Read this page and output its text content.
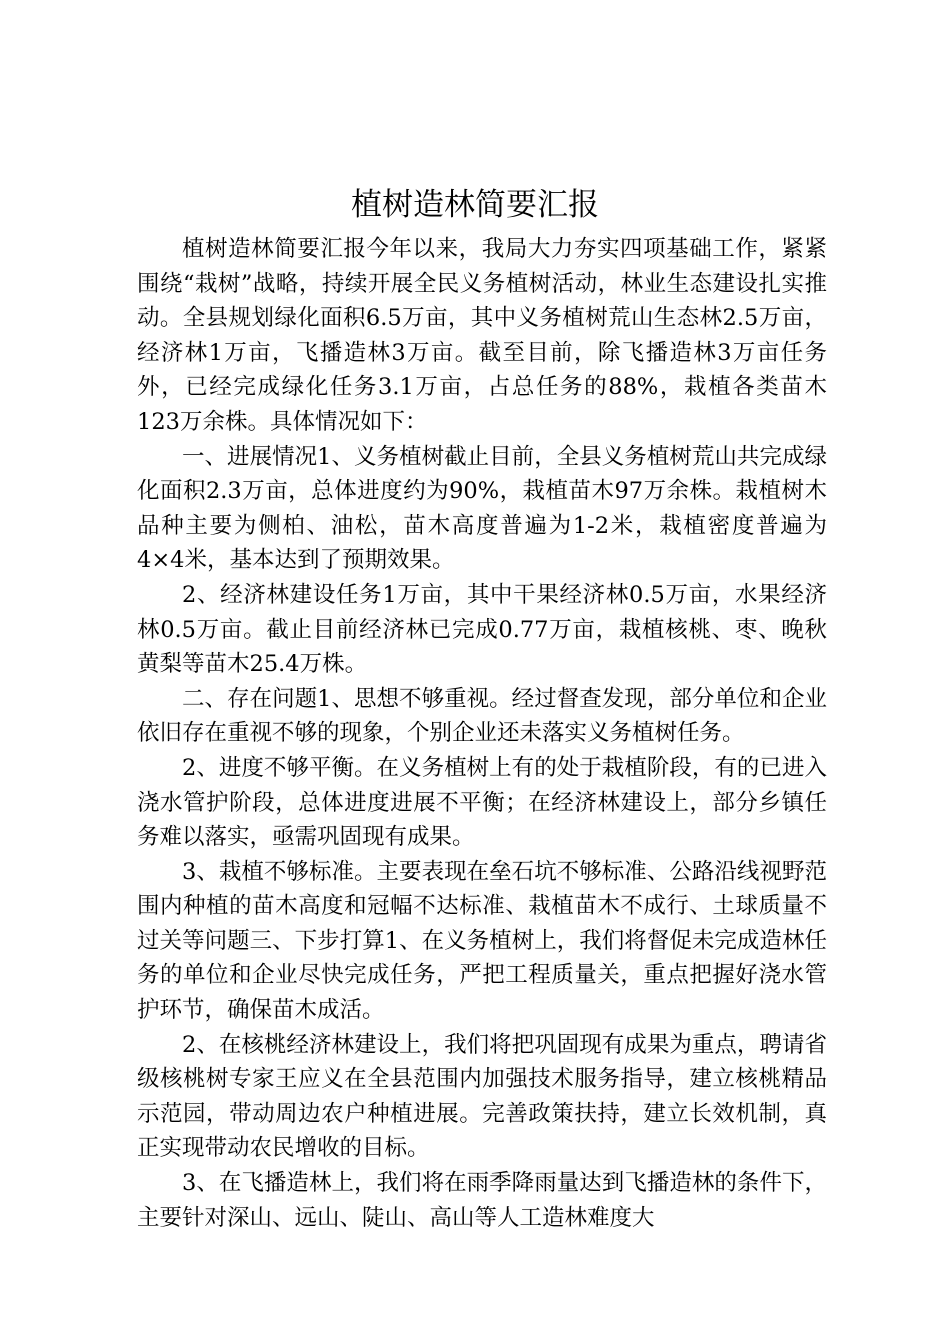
植树造林简要汇报

植树造林简要汇报今年以来，我局大力夯实四项基础工作，紧紧围绕“栽树”战略，持续开展全民义务植树活动，林业生态建设扎实推动。全县规划绿化面积6.5万亩，其中义务植树荒山生态林2.5万亩，经济林1万亩，飞播造林3万亩。截至目前，除飞播造林3万亩任务外，已经完成绿化任务3.1万亩，占总任务的88%，栽植各类苗木123万余株。具体情况如下：

一、进展情况1、义务植树截止目前，全县义务植树荒山共完成绿化面积2.3万亩，总体进度约为90%，栽植苗木97万余株。栽植树木品种主要为侧柏、油松，苗木高度普遍为1-2米，栽植密度普遍为4×4米，基本达到了预期效果。

2、经济林建设任务1万亩，其中干果经济林0.5万亩，水果经济林0.5万亩。截止目前经济林已完成0.77万亩，栽植核桃、枣、晚秋黄梨等苗木25.4万株。

二、存在问题1、思想不够重视。经过督查发现，部分单位和企业依旧存在重视不够的现象，个别企业还未落实义务植树任务。

2、进度不够平衡。在义务植树上有的处于栽植阶段，有的已进入浇水管护阶段，总体进度进展不平衡；在经济林建设上，部分乡镇任务难以落实，亟需巩固现有成果。

3、栽植不够标准。主要表现在垒石坑不够标准、公路沿线视野范围内种植的苗木高度和冠幅不达标准、栽植苗木不成行、土球质量不过关等问题三、下步打算1、在义务植树上，我们将督促未完成造林任务的单位和企业尽快完成任务，严把工程质量关，重点把握好浇水管护环节，确保苗木成活。

2、在核桃经济林建设上，我们将把巩固现有成果为重点，聘请省级核桃树专家王应义在全县范围内加强技术服务指导，建立核桃精品示范园，带动周边农户种植进展。完善政策扶持，建立长效机制，真正实现带动农民增收的目标。

3、在飞播造林上，我们将在雨季降雨量达到飞播造林的条件下，主要针对深山、远山、陡山、高山等人工造林难度大
